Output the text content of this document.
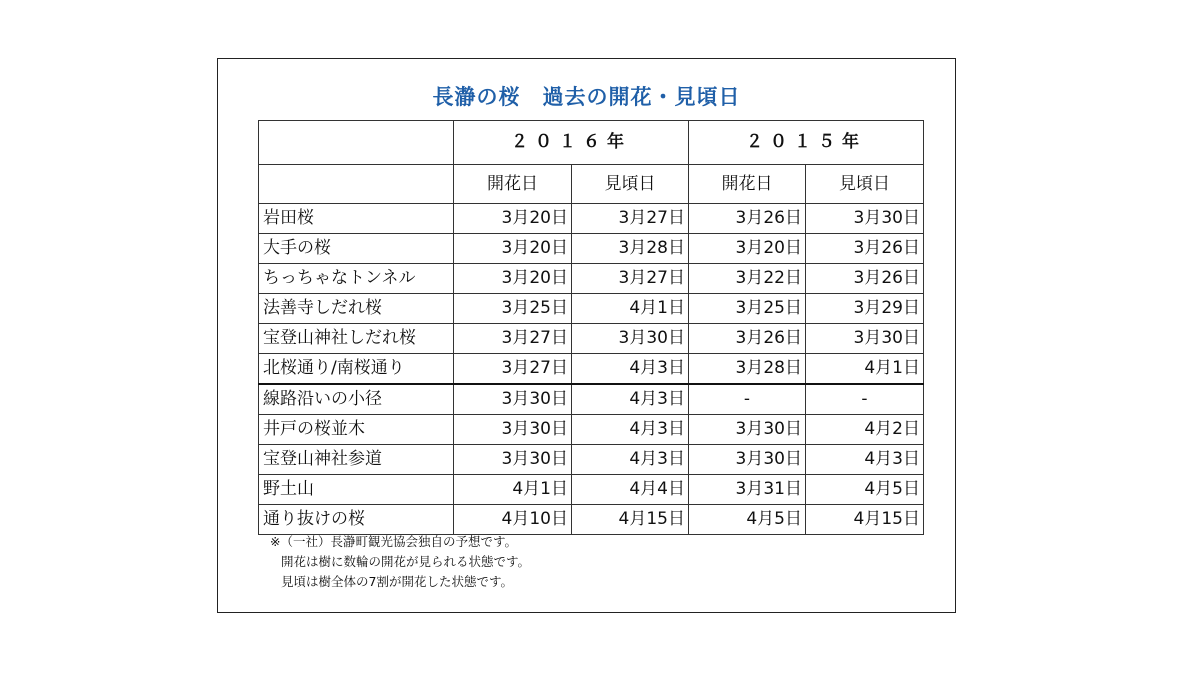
長瀞の桜　過去の開花・見頃日
	２０１６年		２０１５年	
	開花日	見頃日	開花日	見頃日
岩田桜	3月20日	3月27日	3月26日	3月30日
大手の桜	3月20日	3月28日	3月20日	3月26日
ちっちゃなトンネル	3月20日	3月27日	3月22日	3月26日
法善寺しだれ桜	3月25日	4月1日	3月25日	3月29日
宝登山神社しだれ桜	3月27日	3月30日	3月26日	3月30日
北桜通り/南桜通り	3月27日	4月3日	3月28日	4月1日
線路沿いの小径	3月30日	4月3日	-	-
井戸の桜並木	3月30日	4月3日	3月30日	4月2日
宝登山神社参道	3月30日	4月3日	3月30日	4月3日
野土山	4月1日	4月4日	3月31日	4月5日
通り抜けの桜	4月10日	4月15日	4月5日	4月15日
※（一社）長瀞町観光協会独自の予想です。
開花は樹に数輪の開花が見られる状態です。
見頃は樹全体の7割が開花した状態です。
